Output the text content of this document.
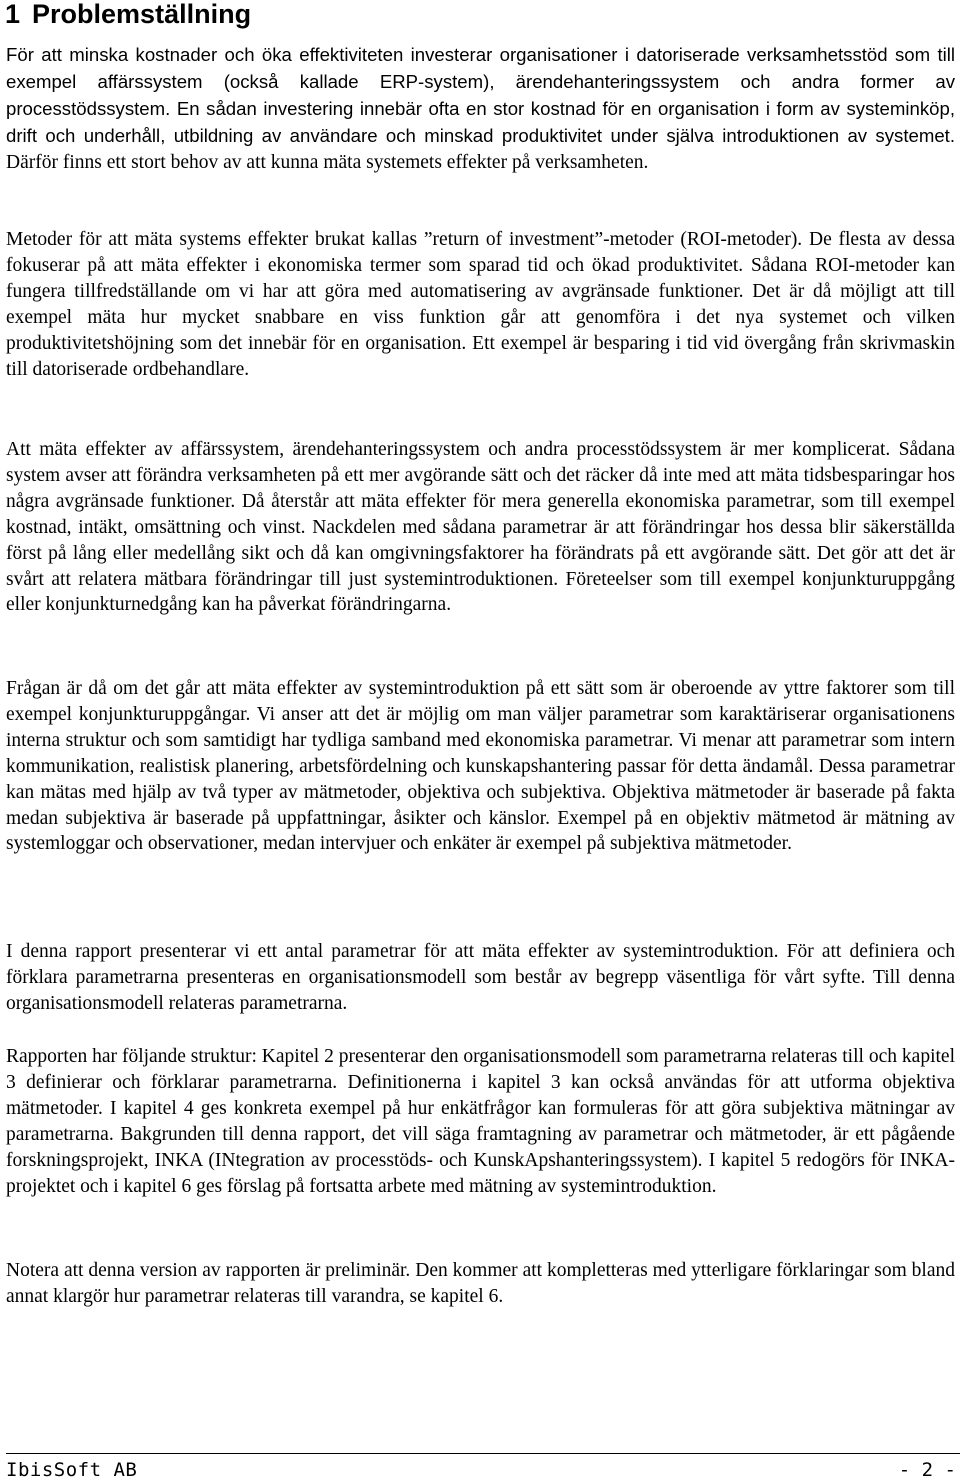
1 Problemställning

För att minska kostnader och öka effektiviteten investerar organisationer i datoriserade verksamhetsstöd som till exempel affärssystem (också kallade ERP-system), ärendehanteringssystem och andra former av processtödssystem. En sådan investering innebär ofta en stor kostnad för en organisation i form av systeminköp, drift och underhåll, utbildning av användare och minskad produktivitet under själva introduktionen av systemet. Därför finns ett stort behov av att kunna mäta systemets effekter på verksamheten.

Metoder för att mäta systems effekter brukat kallas ”return of investment”-metoder (ROI-metoder). De flesta av dessa fokuserar på att mäta effekter i ekonomiska termer som sparad tid och ökad produktivitet. Sådana ROI-metoder kan fungera tillfredställande om vi har att göra med automatisering av avgränsade funktioner. Det är då möjligt att till exempel mäta hur mycket snabbare en viss funktion går att genomföra i det nya systemet och vilken produktivitetshöjning som det innebär för en organisation. Ett exempel är besparing i tid vid övergång från skrivmaskin till datoriserade ordbehandlare.

Att mäta effekter av affärssystem, ärendehanteringssystem och andra processtödssystem är mer komplicerat. Sådana system avser att förändra verksamheten på ett mer avgörande sätt och det räcker då inte med att mäta tidsbesparingar hos några avgränsade funktioner. Då återstår att mäta effekter för mera generella ekonomiska parametrar, som till exempel kostnad, intäkt, omsättning och vinst. Nackdelen med sådana parametrar är att förändringar hos dessa blir säkerställda först på lång eller medellång sikt och då kan omgivningsfaktorer ha förändrats på ett avgörande sätt. Det gör att det är svårt att relatera mätbara förändringar till just systemintroduktionen. Företeelser som till exempel konjunkturuppgång eller konjunkturnedgång kan ha påverkat förändringarna.

Frågan är då om det går att mäta effekter av systemintroduktion på ett sätt som är oberoende av yttre faktorer som till exempel konjunkturuppgångar. Vi anser att det är möjlig om man väljer parametrar som karaktäriserar organisationens interna struktur och som samtidigt har tydliga samband med ekonomiska parametrar. Vi menar att parametrar som intern kommunikation, realistisk planering, arbetsfördelning och kunskapshantering passar för detta ändamål. Dessa parametrar kan mätas med hjälp av två typer av mätmetoder, objektiva och subjektiva. Objektiva mätmetoder är baserade på fakta medan subjektiva är baserade på uppfattningar, åsikter och känslor. Exempel på en objektiv mätmetod är mätning av systemloggar och observationer, medan intervjuer och enkäter är exempel på subjektiva mätmetoder.

I denna rapport presenterar vi ett antal parametrar för att mäta effekter av systemintroduktion. För att definiera och förklara parametrarna presenteras en organisationsmodell som består av begrepp väsentliga för vårt syfte. Till denna organisationsmodell relateras parametrarna.

Rapporten har följande struktur: Kapitel 2 presenterar den organisationsmodell som parametrarna relateras till och kapitel 3 definierar och förklarar parametrarna. Definitionerna i kapitel 3 kan också användas för att utforma objektiva mätmetoder. I kapitel 4 ges konkreta exempel på hur enkätfrågor kan formuleras för att göra subjektiva mätningar av parametrarna. Bakgrunden till denna rapport, det vill säga framtagning av parametrar och mätmetoder, är ett pågående forskningsprojekt, INKA (INtegration av processtöds- och KunskApshanteringssystem). I kapitel 5 redogörs för INKA-projektet och i kapitel 6 ges förslag på fortsatta arbete med mätning av systemintroduktion.

Notera att denna version av rapporten är preliminär. Den kommer att kompletteras med ytterligare förklaringar som bland annat klargör hur parametrar relateras till varandra, se kapitel 6.

IbisSoft AB	- 2 -
